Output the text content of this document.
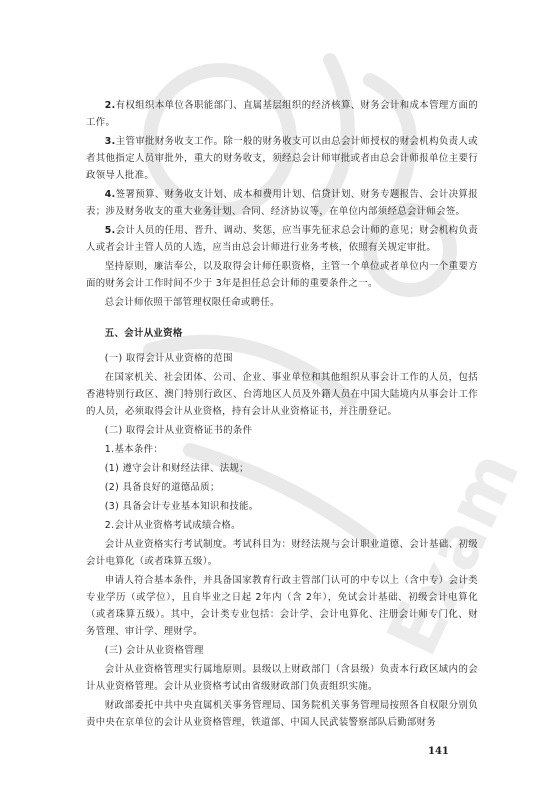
Exam

2.有权组织本单位各职能部门、直属基层组织的经济核算、财务会计和成本管理方面的工作。

3.主管审批财务收支工作。除一般的财务收支可以由总会计师授权的财会机构负责人或者其他指定人员审批外，重大的财务收支，须经总会计师审批或者由总会计师报单位主要行政领导人批准。

4.签署预算、财务收支计划、成本和费用计划、信贷计划、财务专题报告、会计决算报表；涉及财务收支的重大业务计划、合同、经济协议等，在单位内部须经总会计师会签。

5.会计人员的任用、晋升、调动、奖惩，应当事先征求总会计师的意见；财会机构负责人或者会计主管人员的人选，应当由总会计师进行业务考核，依照有关规定审批。

坚持原则，廉洁奉公，以及取得会计师任职资格，主管一个单位或者单位内一个重要方面的财务会计工作时间不少于 3年是担任总会计师的重要条件之一。

总会计师依照干部管理权限任命或聘任。

五、会计从业资格

(一) 取得会计从业资格的范围

在国家机关、社会团体、公司、企业、事业单位和其他组织从事会计工作的人员，包括香港特别行政区、澳门特别行政区、台湾地区人员及外籍人员在中国大陆境内从事会计工作的人员，必须取得会计从业资格，持有会计从业资格证书，并注册登记。

(二) 取得会计从业资格证书的条件

1.基本条件：

(1) 遵守会计和财经法律、法规；

(2) 具备良好的道德品质；

(3) 具备会计专业基本知识和技能。

2.会计从业资格考试成绩合格。

会计从业资格实行考试制度。考试科目为：财经法规与会计职业道德、会计基础、初级会计电算化（或者珠算五级）。

申请人符合基本条件，并具备国家教育行政主管部门认可的中专以上（含中专）会计类专业学历（或学位），且自毕业之日起 2年内（含 2年），免试会计基础、初级会计电算化（或者珠算五级）。其中，会计类专业包括：会计学、会计电算化、注册会计师专门化、财务管理、审计学、理财学。

(三) 会计从业资格管理

会计从业资格管理实行属地原则。县级以上财政部门（含县级）负责本行政区域内的会计从业资格管理。会计从业资格考试由省级财政部门负责组织实施。

财政部委托中共中央直属机关事务管理局、国务院机关事务管理局按照各自权限分别负责中央在京单位的会计从业资格管理，铁道部、中国人民武装警察部队后勤部财务

141
